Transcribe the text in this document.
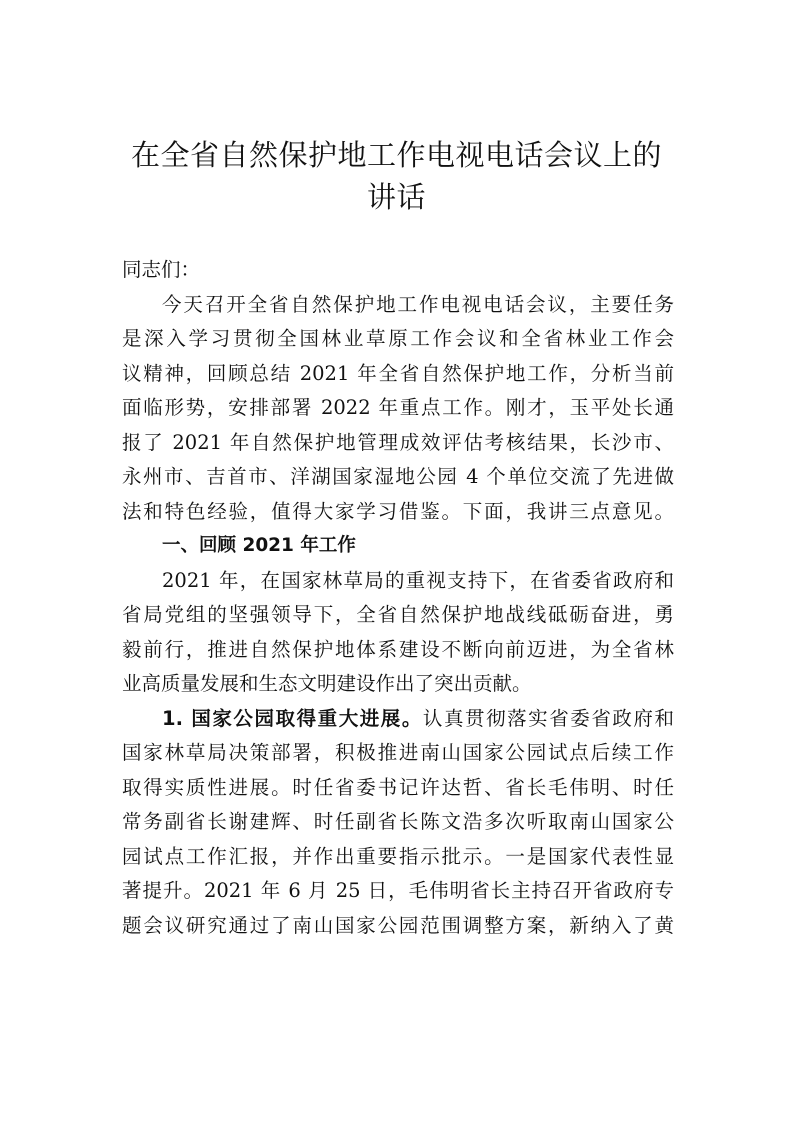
在全省自然保护地工作电视电话会议上的
讲话
同志们：
今天召开全省自然保护地工作电视电话会议，主要任务
是深入学习贯彻全国林业草原工作会议和全省林业工作会
议精神，回顾总结 2021 年全省自然保护地工作，分析当前
面临形势，安排部署 2022 年重点工作。刚才，玉平处长通
报了 2021 年自然保护地管理成效评估考核结果，长沙市、
永州市、吉首市、洋湖国家湿地公园 4 个单位交流了先进做
法和特色经验，值得大家学习借鉴。下面，我讲三点意见。
一、回顾 2021 年工作
2021 年，在国家林草局的重视支持下，在省委省政府和
省局党组的坚强领导下，全省自然保护地战线砥砺奋进，勇
毅前行，推进自然保护地体系建设不断向前迈进，为全省林
业高质量发展和生态文明建设作出了突出贡献。
1. 国家公园取得重大进展。认真贯彻落实省委省政府和
国家林草局决策部署，积极推进南山国家公园试点后续工作
取得实质性进展。时任省委书记许达哲、省长毛伟明、时任
常务副省长谢建辉、时任副省长陈文浩多次听取南山国家公
园试点工作汇报，并作出重要指示批示。一是国家代表性显
著提升。2021 年 6 月 25 日，毛伟明省长主持召开省政府专
题会议研究通过了南山国家公园范围调整方案，新纳入了黄
